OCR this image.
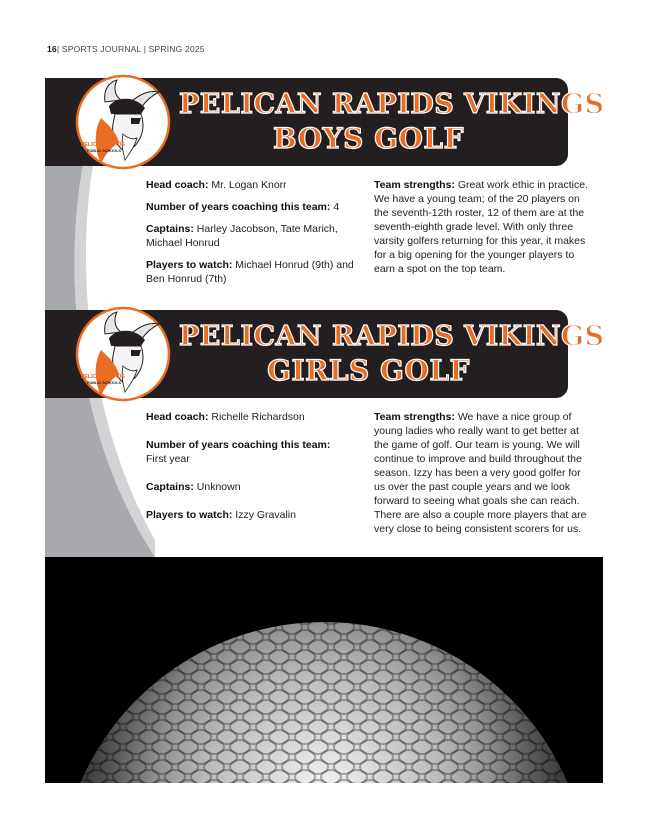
16| SPORTS JOURNAL | SPRING 2025
PELICAN RAPIDS VIKINGS
BOYS GOLF
PELICAN RAPIDS
PUBLIC SCHOOLS

Head coach: Mr. Logan Knorr

Number of years coaching this team: 4

Captains: Harley Jacobson, Tate Marich, Michael Honrud

Players to watch: Michael Honrud (9th) and Ben Honrud (7th)

Team strengths: Great work ethic in practice. We have a young team; of the 20 players on the seventh-12th roster, 12 of them are at the seventh-eighth grade level. With only three varsity golfers returning for this year, it makes for a big opening for the younger players to earn a spot on the top team.

PELICAN RAPIDS VIKINGS
GIRLS GOLF
PELICAN RAPIDS
PUBLIC SCHOOLS

Head coach: Richelle Richardson

Number of years coaching this team:
First year

Captains: Unknown

Players to watch: Izzy Gravalin

Team strengths: We have a nice group of young ladies who really want to get better at the game of golf. Our team is young. We will continue to improve and build throughout the season. Izzy has been a very good golfer for us over the past couple years and we look forward to seeing what goals she can reach. There are also a couple more players that are very close to being consistent scorers for us.
